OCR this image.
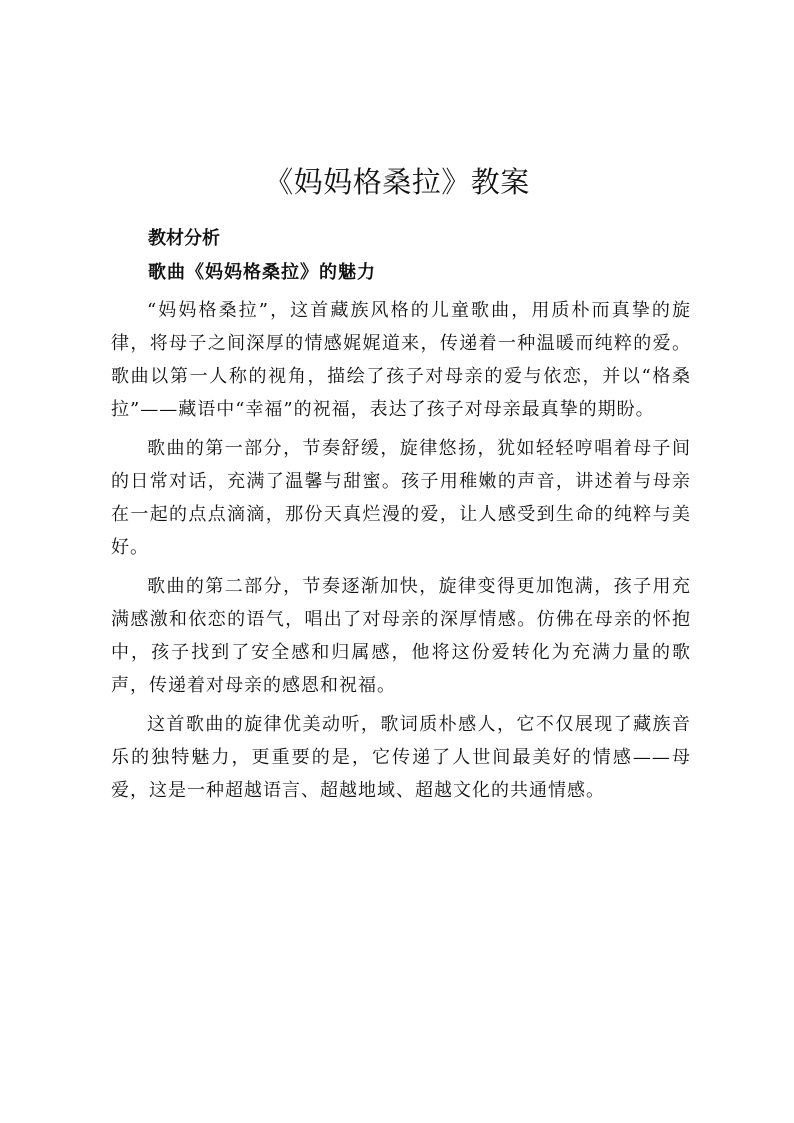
《妈妈格桑拉》教案
教材分析
歌曲《妈妈格桑拉》的魅力

“妈妈格桑拉”，这首藏族风格的儿童歌曲，用质朴而真挚的旋律，将母子之间深厚的情感娓娓道来，传递着一种温暖而纯粹的爱。歌曲以第一人称的视角，描绘了孩子对母亲的爱与依恋，并以“格桑拉”——藏语中“幸福”的祝福，表达了孩子对母亲最真挚的期盼。

歌曲的第一部分，节奏舒缓，旋律悠扬，犹如轻轻哼唱着母子间的日常对话，充满了温馨与甜蜜。孩子用稚嫩的声音，讲述着与母亲在一起的点点滴滴，那份天真烂漫的爱，让人感受到生命的纯粹与美好。

歌曲的第二部分，节奏逐渐加快，旋律变得更加饱满，孩子用充满感激和依恋的语气，唱出了对母亲的深厚情感。仿佛在母亲的怀抱中，孩子找到了安全感和归属感，他将这份爱转化为充满力量的歌声，传递着对母亲的感恩和祝福。

这首歌曲的旋律优美动听，歌词质朴感人，它不仅展现了藏族音乐的独特魅力，更重要的是，它传递了人世间最美好的情感——母爱，这是一种超越语言、超越地域、超越文化的共通情感。
